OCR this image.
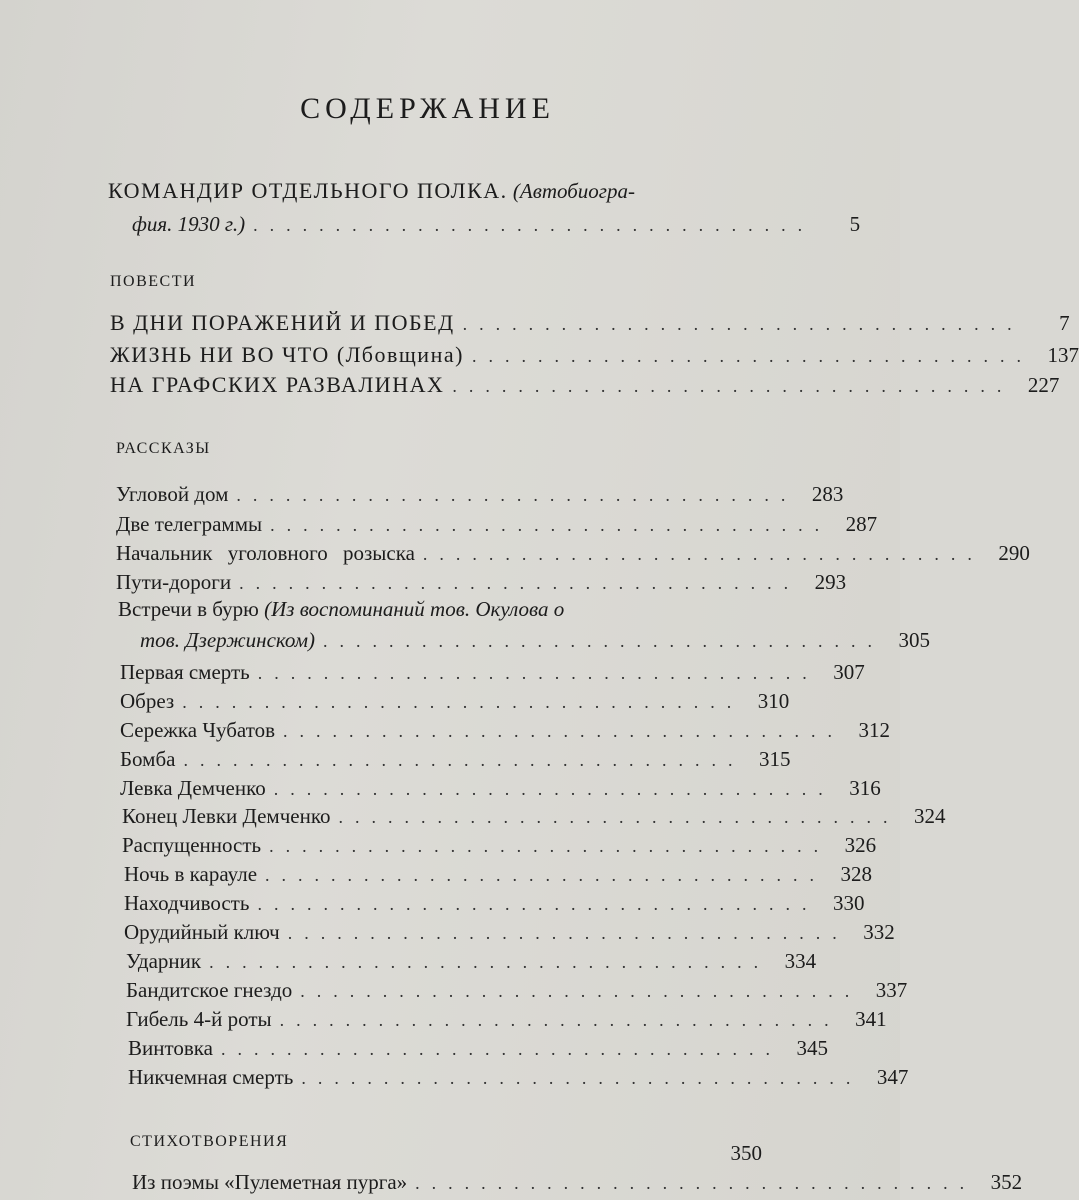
СОДЕРЖАНИЕ
КОМАНДИР ОТДЕЛЬНОГО ПОЛКА. (Автобиогра-
фия. 1930 г.) ..................................	5
ПОВЕСТИ
В ДНИ ПОРАЖЕНИЙ И ПОБЕД ..................................	7
ЖИЗНЬ НИ ВО ЧТО (Лбовщина) .................................. 137
НА ГРАФСКИХ РАЗВАЛИНАХ .................................. 227
РАССКАЗЫ
Угловой дом .................................. 283
Две телеграммы .................................. 287
Начальник уголовного розыска .................................. 290
Пути-дороги .................................. 293
Встречи в бурю (Из воспоминаний тов. Окулова о
тов. Дзержинском) .................................. 305
Первая смерть .................................. 307
Обрез .................................. 310
Сережка Чубатов .................................. 312
Бомба .................................. 315
Левка Демченко .................................. 316
Конец Левки Демченко .................................. 324
Распущенность .................................. 326
Ночь в карауле .................................. 328
Находчивость .................................. 330
Орудийный ключ .................................. 332
Ударник .................................. 334
Бандитское гнездо .................................. 337
Гибель 4-й роты .................................. 341
Винтовка .................................. 345
Никчемная смерть .................................. 347
СТИХОТВОРЕНИЯ	350
Из поэмы «Пулеметная пурга» .................................. 352
